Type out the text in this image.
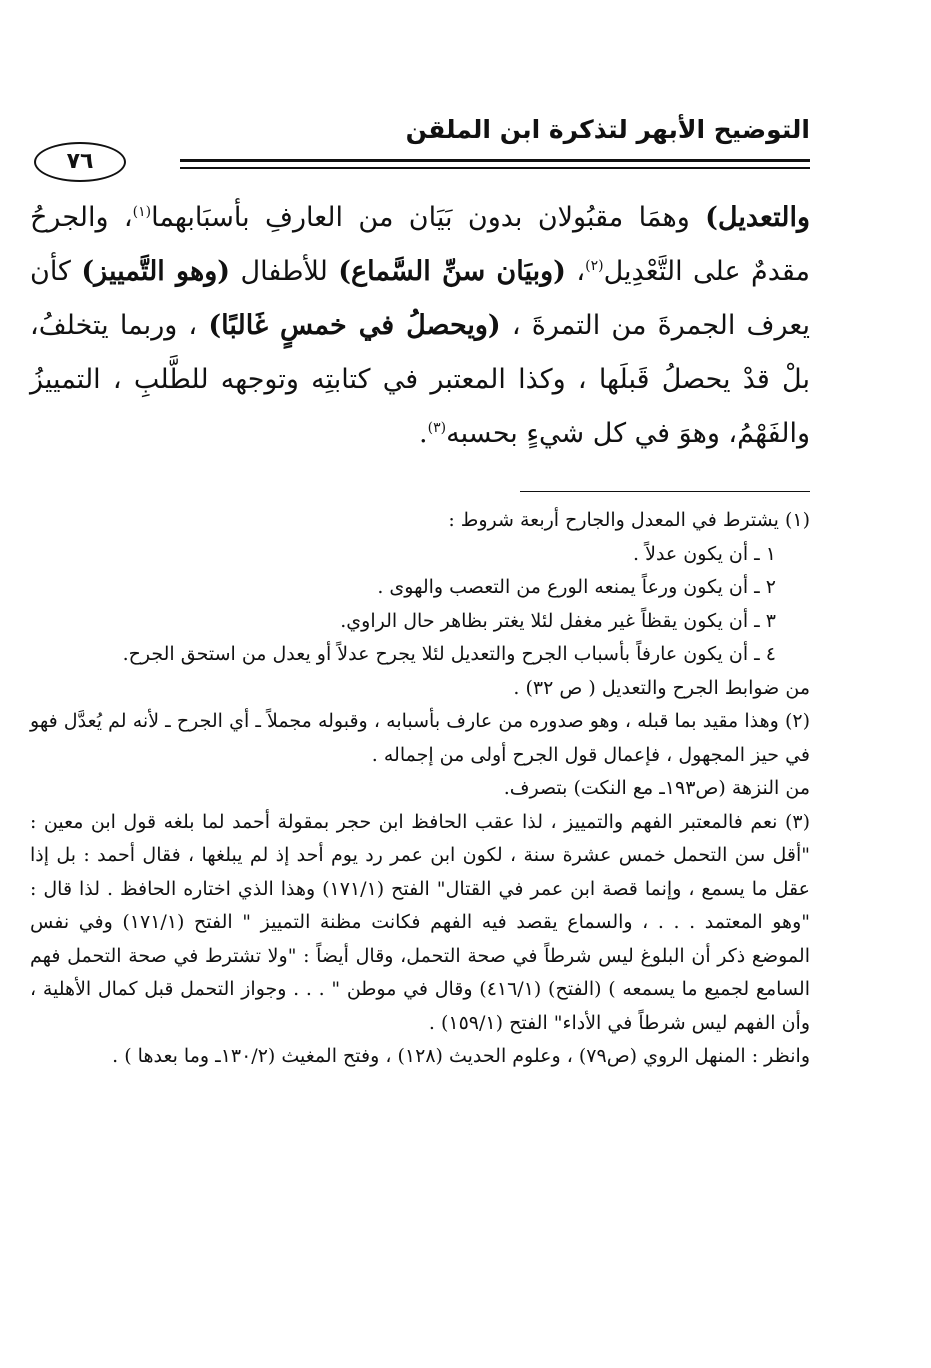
التوضيح الأبهر لتذكرة ابن الملقن
٧٦
والتعديل) وهمَا مقبُولان بدون بَيَان من العارفِ بأسبَابهما$^{(١)}$، والجرحُ مقدمٌ على التَّعْدِيل$^{(٢)}$، (وبيَان سنِّ السَّماع) للأطفال (وهو التَّمييز) كأن يعرف الجمرةَ من التمرةَ ، (ويحصلُ في خمسٍ غَالبًا) ، وربما يتخلفُ، بلْ قدْ يحصلُ قَبلَها ، وكذا المعتبر في كتابتِه وتوجهه للطَّلبِ ، التمييزُ والفَهْمُ، وهوَ في كل شيءٍ بحسبه$^{(٣)}$.

(١) يشترط في المعدل والجارح أربعة شروط :

١ ـ أن يكون عدلاً .

٢ ـ أن يكون ورعاً يمنعه الورع من التعصب والهوى .

٣ ـ أن يكون يقظاً غير مغفل لئلا يغتر بظاهر حال الراوي.

٤ ـ أن يكون عارفاً بأسباب الجرح والتعديل لئلا يجرح عدلاً أو يعدل من استحق الجرح.

من ضوابط الجرح والتعديل ( ص ٣٢) .

(٢) وهذا مقيد بما قبله ، وهو صدوره من عارف بأسبابه ، وقبوله مجملاً ـ أي الجرح ـ لأنه لم يُعدَّل فهو في حيز المجهول ، فإعمال قول الجرح أولى من إجماله .

من النزهة (ص١٩٣ـ مع النكت) بتصرف.

(٣) نعم فالمعتبر الفهم والتمييز ، لذا عقب الحافظ ابن حجر بمقولة أحمد لما بلغه قول ابن معين : "أقل سن التحمل خمس عشرة سنة ، لكون ابن عمر رد يوم أحد إذ لم يبلغها ، فقال أحمد : بل إذا عقل ما يسمع ، وإنما قصة ابن عمر في القتال" الفتح (١٧١/١) وهذا الذي اختاره الحافظ . لذا قال : "وهو المعتمد . . . ، والسماع يقصد فيه الفهم فكانت مظنة التمييز " الفتح (١٧١/١) وفي نفس الموضع ذكر أن البلوغ ليس شرطاً في صحة التحمل، وقال أيضاً : "ولا تشترط في صحة التحمل فهم السامع لجميع ما يسمعه ) (الفتح) (٤١٦/١) وقال في موطن " . . . وجواز التحمل قبل كمال الأهلية ، وأن الفهم ليس شرطاً في الأداء" الفتح (١٥٩/١) .

وانظر : المنهل الروي (ص٧٩) ، وعلوم الحديث (١٢٨) ، وفتح المغيث (١٣٠/٢ـ وما بعدها ) .
